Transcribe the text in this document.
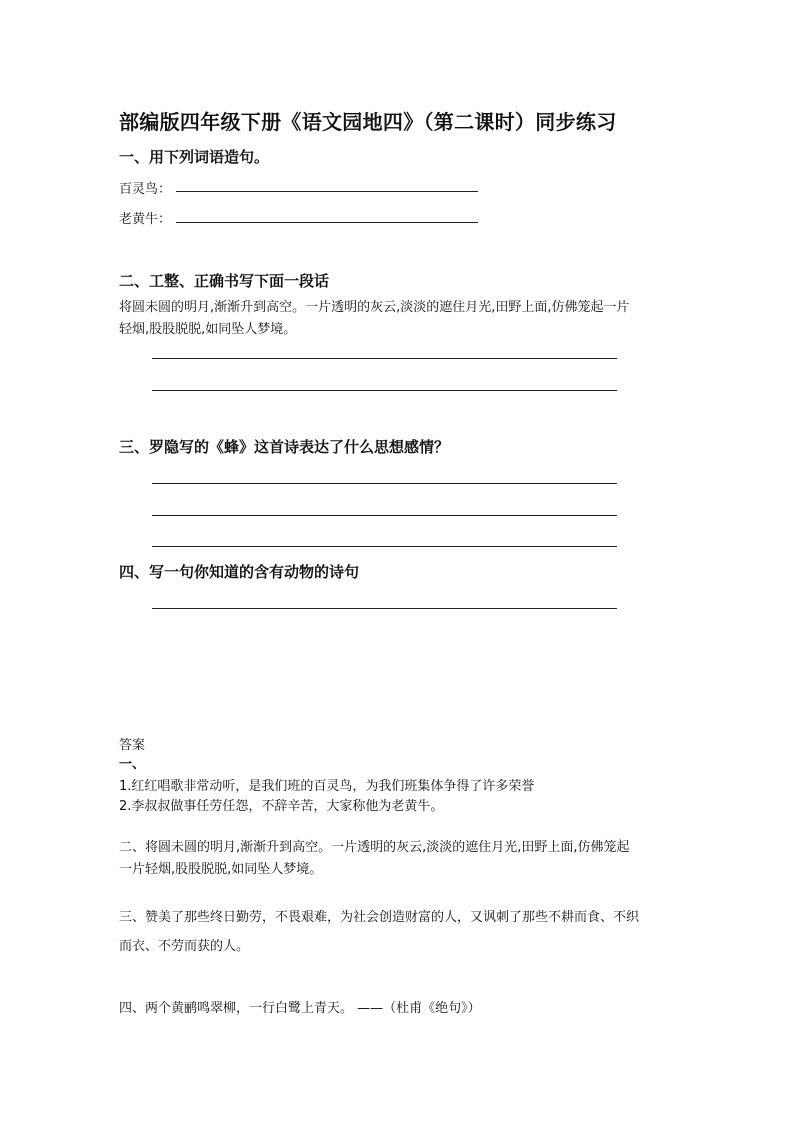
部编版四年级下册《语文园地四》（第二课时）同步练习
一、用下列词语造句。
百灵鸟：
老黄牛：
二、工整、正确书写下面一段话
将圆未圆的明月,渐渐升到高空。一片透明的灰云,淡淡的遮住月光,田野上面,仿佛笼起一片
轻烟,股股脱脱,如同坠人梦境。
三、罗隐写的《蜂》这首诗表达了什么思想感情？
四、写一句你知道的含有动物的诗句
答案
一、
1.红红唱歌非常动听，是我们班的百灵鸟，为我们班集体争得了许多荣誉
2.李叔叔做事任劳任怨，不辞辛苦，大家称他为老黄牛。
二、将圆未圆的明月,渐渐升到高空。一片透明的灰云,淡淡的遮住月光,田野上面,仿佛笼起
一片轻烟,股股脱脱,如同坠人梦境。
三、赞美了那些终日勤劳，不畏艰难，为社会创造财富的人，又讽刺了那些不耕而食、不织
而衣、不劳而获的人。
四、两个黄鹂鸣翠柳，一行白鹭上青天。 ——（杜甫《绝句》）
